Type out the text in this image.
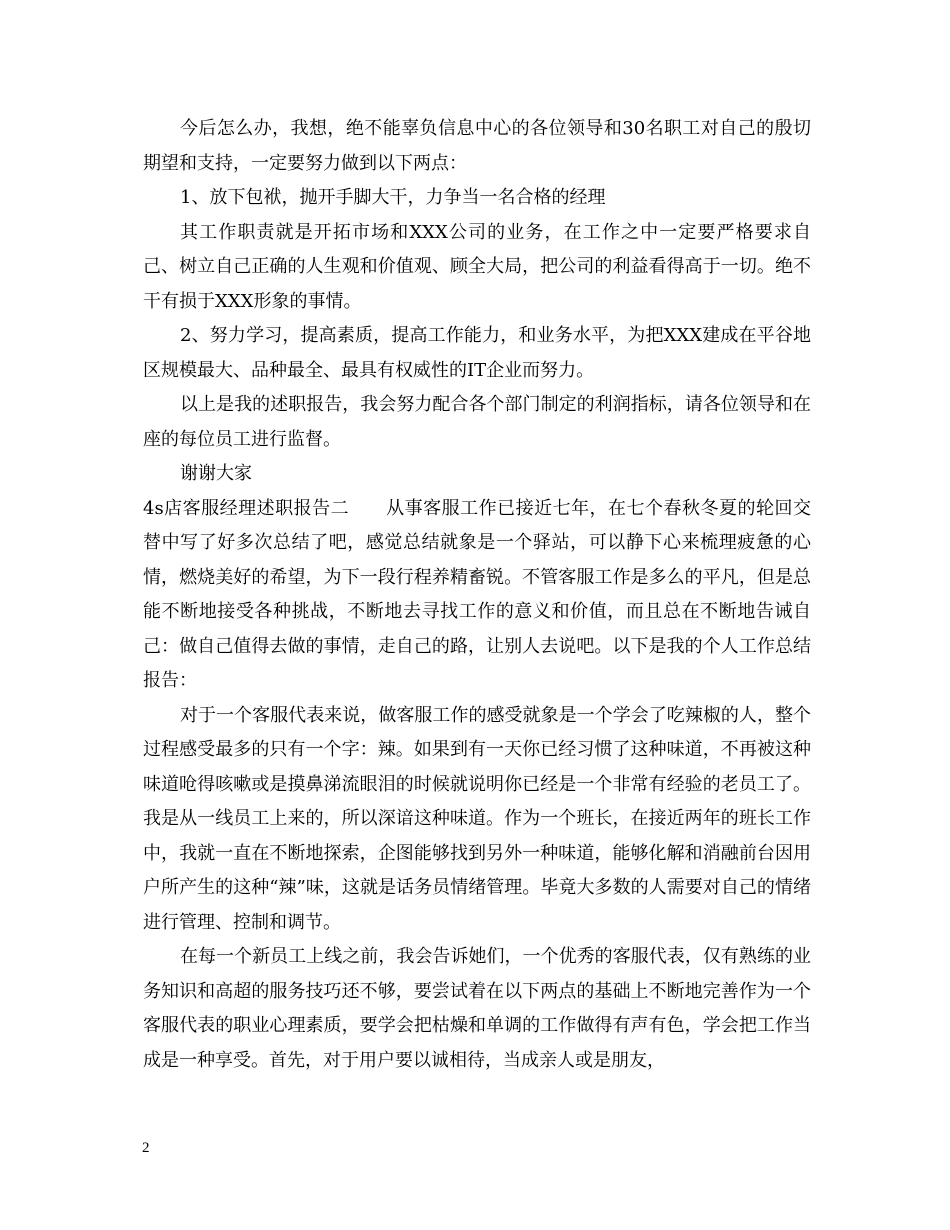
今后怎么办，我想，绝不能辜负信息中心的各位领导和30名职工对自己的殷切期望和支持，一定要努力做到以下两点：

1、放下包袱，抛开手脚大干，力争当一名合格的经理

其工作职责就是开拓市场和XXX公司的业务，在工作之中一定要严格要求自己、树立自己正确的人生观和价值观、顾全大局，把公司的利益看得高于一切。绝不干有损于XXX形象的事情。

2、努力学习，提高素质，提高工作能力，和业务水平，为把XXX建成在平谷地区规模最大、品种最全、最具有权威性的IT企业而努力。

以上是我的述职报告，我会努力配合各个部门制定的利润指标，请各位领导和在座的每位员工进行监督。

谢谢大家

4s店客服经理述职报告二　　从事客服工作已接近七年，在七个春秋冬夏的轮回交替中写了好多次总结了吧，感觉总结就象是一个驿站，可以静下心来梳理疲惫的心情，燃烧美好的希望，为下一段行程养精畜锐。不管客服工作是多么的平凡，但是总能不断地接受各种挑战，不断地去寻找工作的意义和价值，而且总在不断地告诫自己：做自己值得去做的事情，走自己的路，让别人去说吧。以下是我的个人工作总结报告：

对于一个客服代表来说，做客服工作的感受就象是一个学会了吃辣椒的人，整个过程感受最多的只有一个字：辣。如果到有一天你已经习惯了这种味道，不再被这种味道呛得咳嗽或是摸鼻涕流眼泪的时候就说明你已经是一个非常有经验的老员工了。我是从一线员工上来的，所以深谙这种味道。作为一个班长，在接近两年的班长工作中，我就一直在不断地探索，企图能够找到另外一种味道，能够化解和消融前台因用户所产生的这种“辣”味，这就是话务员情绪管理。毕竟大多数的人需要对自己的情绪进行管理、控制和调节。

在每一个新员工上线之前，我会告诉她们，一个优秀的客服代表，仅有熟练的业务知识和高超的服务技巧还不够，要尝试着在以下两点的基础上不断地完善作为一个客服代表的职业心理素质，要学会把枯燥和单调的工作做得有声有色，学会把工作当成是一种享受。首先，对于用户要以诚相待，当成亲人或是朋友，

2
